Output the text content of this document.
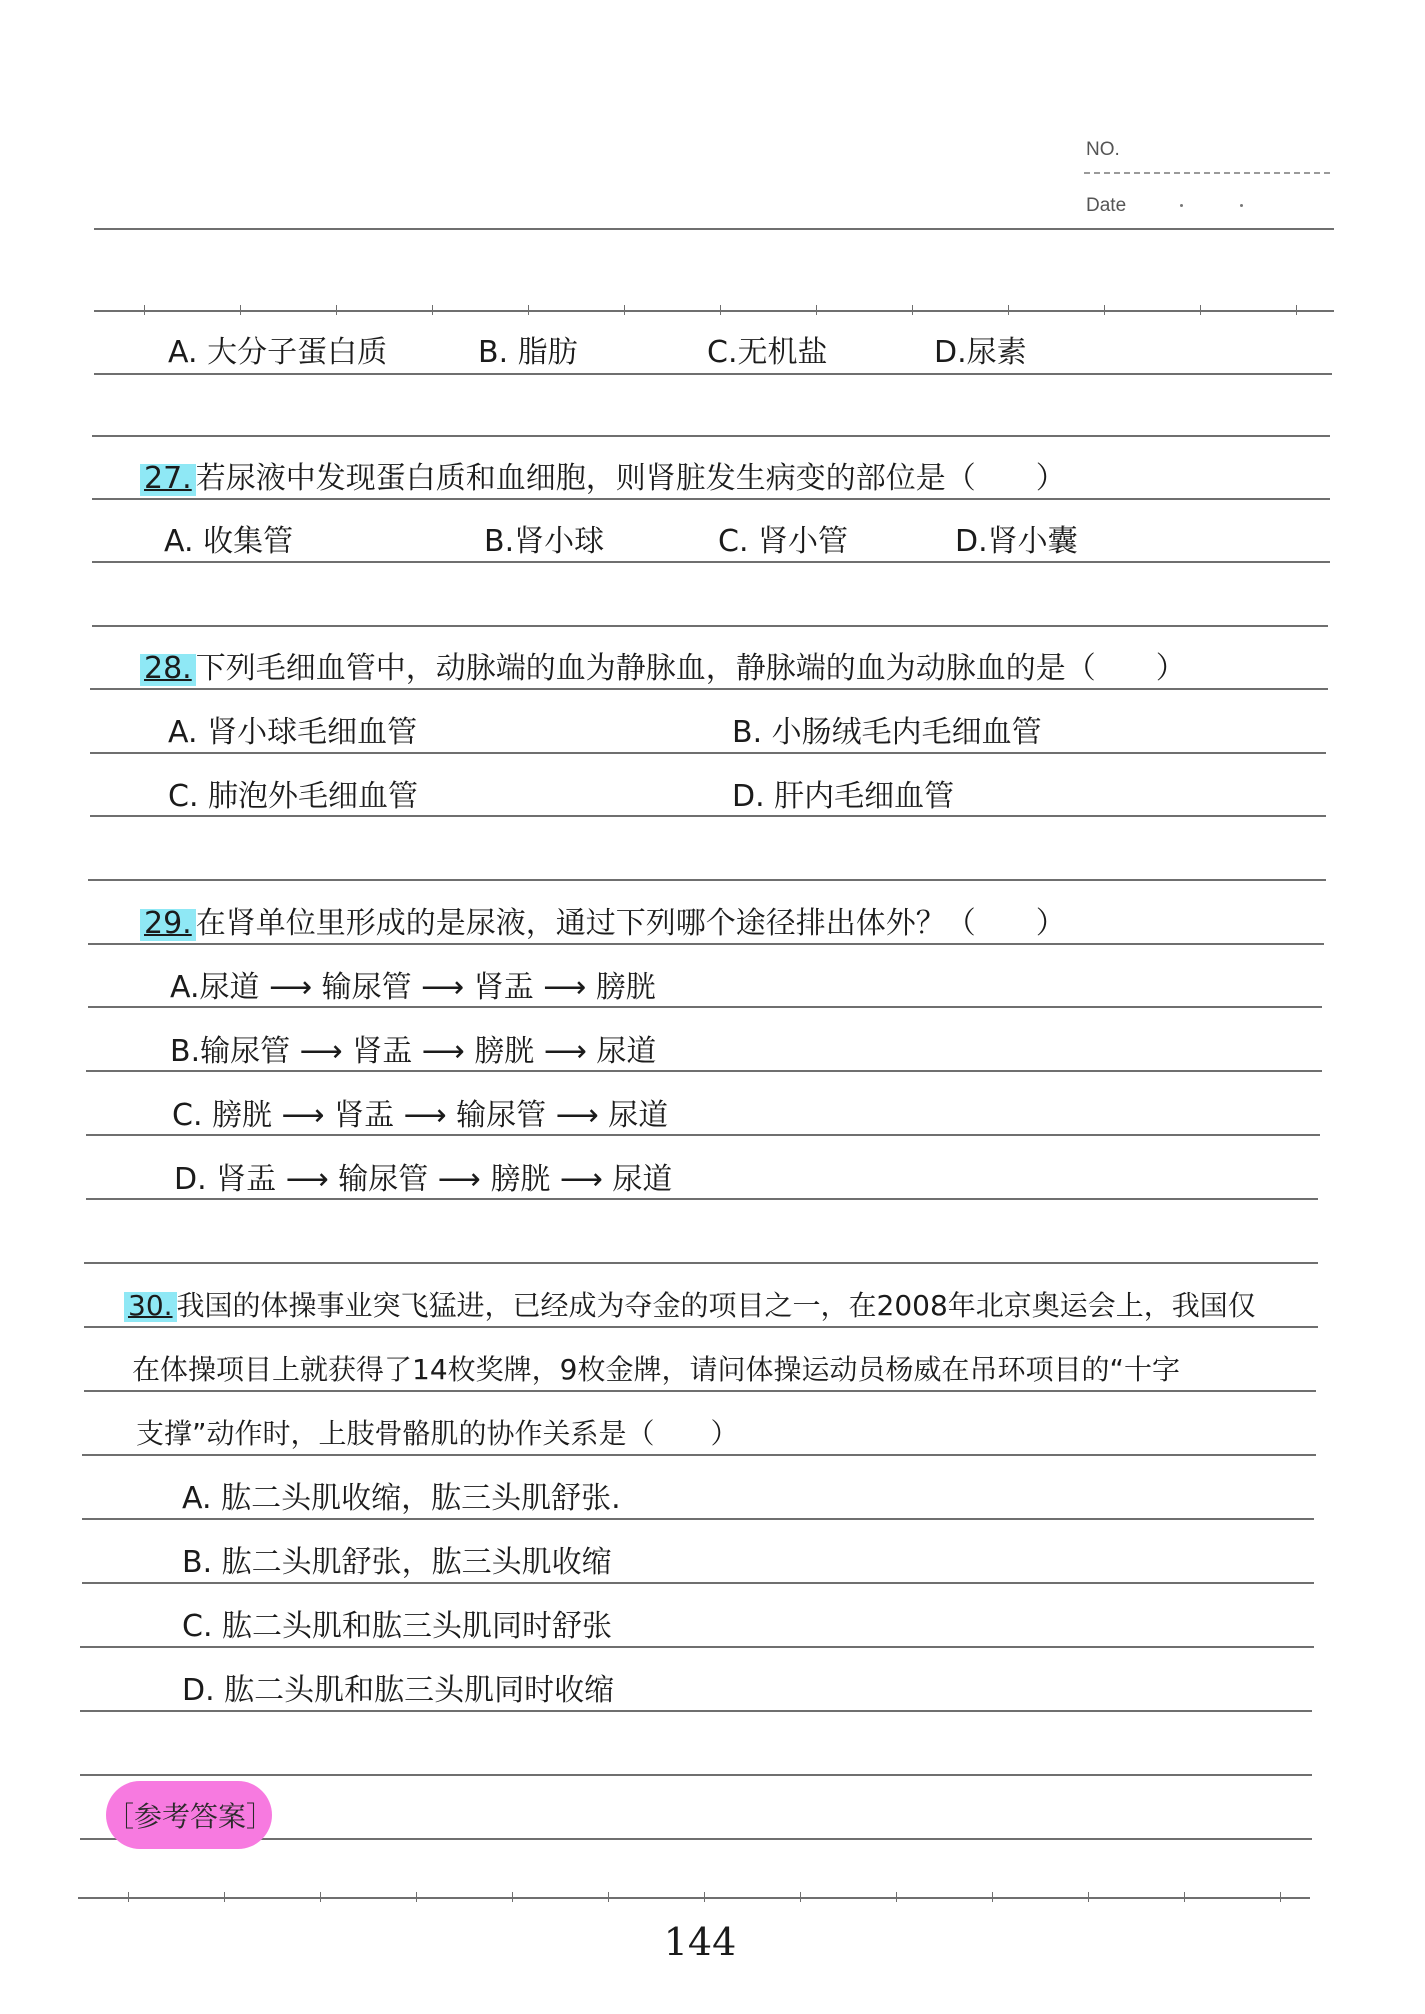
NO.
Date
A. 大分子蛋白质	B. 脂肪	C.无机盐	D.尿素
27. 若尿液中发现蛋白质和血细胞，则肾脏发生病变的部位是（　　）
A. 收集管	B.肾小球	C. 肾小管	D.肾小囊
28. 下列毛细血管中，动脉端的血为静脉血，静脉端的血为动脉血的是（　　）
A. 肾小球毛细血管	B. 小肠绒毛内毛细血管
C. 肺泡外毛细血管	D. 肝内毛细血管
29. 在肾单位里形成的是尿液，通过下列哪个途径排出体外？（　　）
A.尿道 ⟶ 输尿管 ⟶ 肾盂 ⟶ 膀胱
B.输尿管 ⟶ 肾盂 ⟶ 膀胱 ⟶ 尿道
C. 膀胱 ⟶ 肾盂 ⟶ 输尿管 ⟶ 尿道
D. 肾盂 ⟶ 输尿管 ⟶ 膀胱 ⟶ 尿道
30. 我国的体操事业突飞猛进，已经成为夺金的项目之一，在2008年北京奥运会上，我国仅
在体操项目上就获得了14枚奖牌，9枚金牌，请问体操运动员杨威在吊环项目的“十字
支撑”动作时，上肢骨骼肌的协作关系是（　　）
A. 肱二头肌收缩，肱三头肌舒张.
B. 肱二头肌舒张，肱三头肌收缩
C. 肱二头肌和肱三头肌同时舒张
D. 肱二头肌和肱三头肌同时收缩
［参考答案］
144
